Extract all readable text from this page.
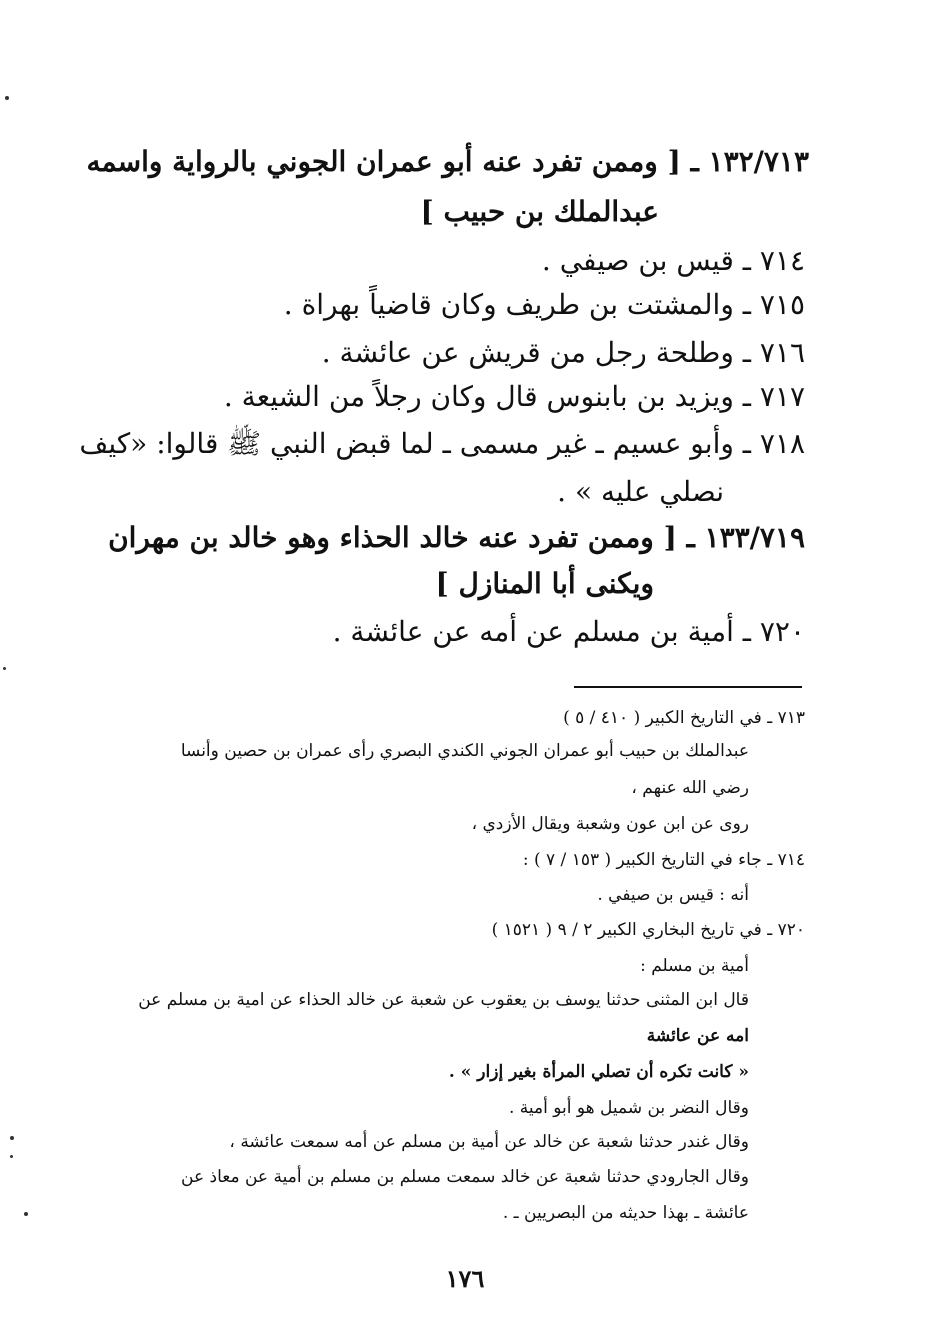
۱۳۲/۷۱۳ ـ [ وممن تفرد عنه أبو عمران الجوني بالرواية واسمه

عبدالملك بن حبيب ]

۷۱٤ ـ قيس بن صيفي .

۷۱٥ ـ والمشتت بن طريف وكان قاضياً بهراة .

۷۱٦ ـ وطلحة رجل من قريش عن عائشة .

۷۱۷ ـ ويزيد بن بابنوس قال وكان رجلاً من الشيعة .

۷۱۸ ـ وأبو عسيم ـ غير مسمى ـ لما قبض النبي ﷺ قالوا: «كيف

نصلي عليه » .

۱۳۳/۷۱۹ ـ [ وممن تفرد عنه خالد الحذاء وهو خالد بن مهران

ويكنى أبا المنازل ]

۷۲۰ ـ أمية بن مسلم عن أمه عن عائشة .

۷۱۳ ـ في التاريخ الكبير ( ٤١٠ / ٥ )

عبدالملك بن حبيب أبو عمران الجوني الكندي البصري رأى عمران بن حصين وأنسا

رضي الله عنهم ،

روى عن ابن عون وشعبة ويقال الأزدي ،

۷۱٤ ـ جاء في التاريخ الكبير ( ۱٥۳ / ۷ ) :

أنه : قيس بن صيفي .

۷۲۰ ـ في تاريخ البخاري الكبير ۲ / ۹ ( ۱٥۲۱ )

أمية بن مسلم :

قال ابن المثنى حدثنا يوسف بن يعقوب عن شعبة عن خالد الحذاء عن امية بن مسلم عن

امه عن عائشة

« كانت تكره أن تصلي المرأة بغير إزار » .

وقال النضر بن شميل هو أبو أمية .

وقال غندر حدثنا شعبة عن خالد عن أمية بن مسلم عن أمه سمعت عائشة ،

وقال الجارودي حدثنا شعبة عن خالد سمعت مسلم بن مسلم بن أمية عن معاذ عن

عائشة ـ بهذا حديثه من البصريين ـ .

۱۷٦
